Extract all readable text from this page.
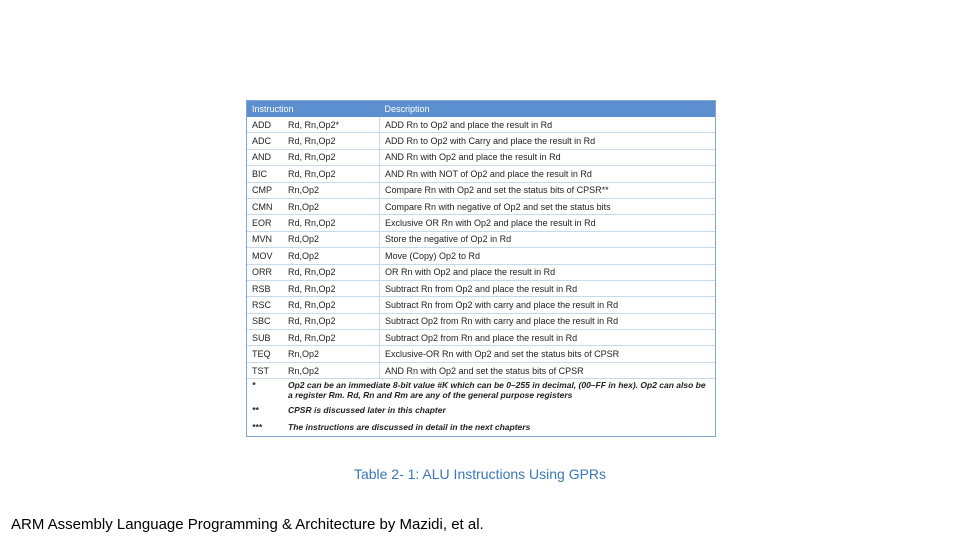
Instruction		Description
ADD	Rd, Rn,Op2*	ADD Rn to Op2 and place the result in Rd
ADC	Rd, Rn,Op2	ADD Rn to Op2 with Carry and place the result in Rd
AND	Rd, Rn,Op2	AND Rn with Op2 and place the result in Rd
BIC	Rd, Rn,Op2	AND Rn with NOT of Op2 and place the result in Rd
CMP	Rn,Op2	Compare Rn with Op2 and set the status bits of CPSR**
CMN	Rn,Op2	Compare Rn with negative of Op2 and set the status bits
EOR	Rd, Rn,Op2	Exclusive OR Rn with Op2 and place the result in Rd
MVN	Rd,Op2	Store the negative of Op2 in Rd
MOV	Rd,Op2	Move (Copy) Op2 to Rd
ORR	Rd, Rn,Op2	OR Rn with Op2 and place the result in Rd
RSB	Rd, Rn,Op2	Subtract Rn from Op2 and place the result in Rd
RSC	Rd, Rn,Op2	Subtract Rn from Op2 with carry and place the result in Rd
SBC	Rd, Rn,Op2	Subtract Op2 from Rn with carry and place the result in Rd
SUB	Rd, Rn,Op2	Subtract Op2 from Rn and place the result in Rd
TEQ	Rn,Op2	Exclusive-OR Rn with Op2 and set the status bits of CPSR
TST	Rn,Op2	AND Rn with Op2 and set the status bits of CPSR

* Op2 can be an immediate 8-bit value #K which can be 0–255 in decimal, (00–FF in hex). Op2 can also be a register Rm. Rd, Rn and Rm are any of the general purpose registers		

** CPSR is discussed later in this chapter		

*** The instructions are discussed in detail in the next chapters		
Table 2- 1: ALU Instructions Using GPRs
ARM Assembly Language Programming & Architecture by Mazidi, et al.
